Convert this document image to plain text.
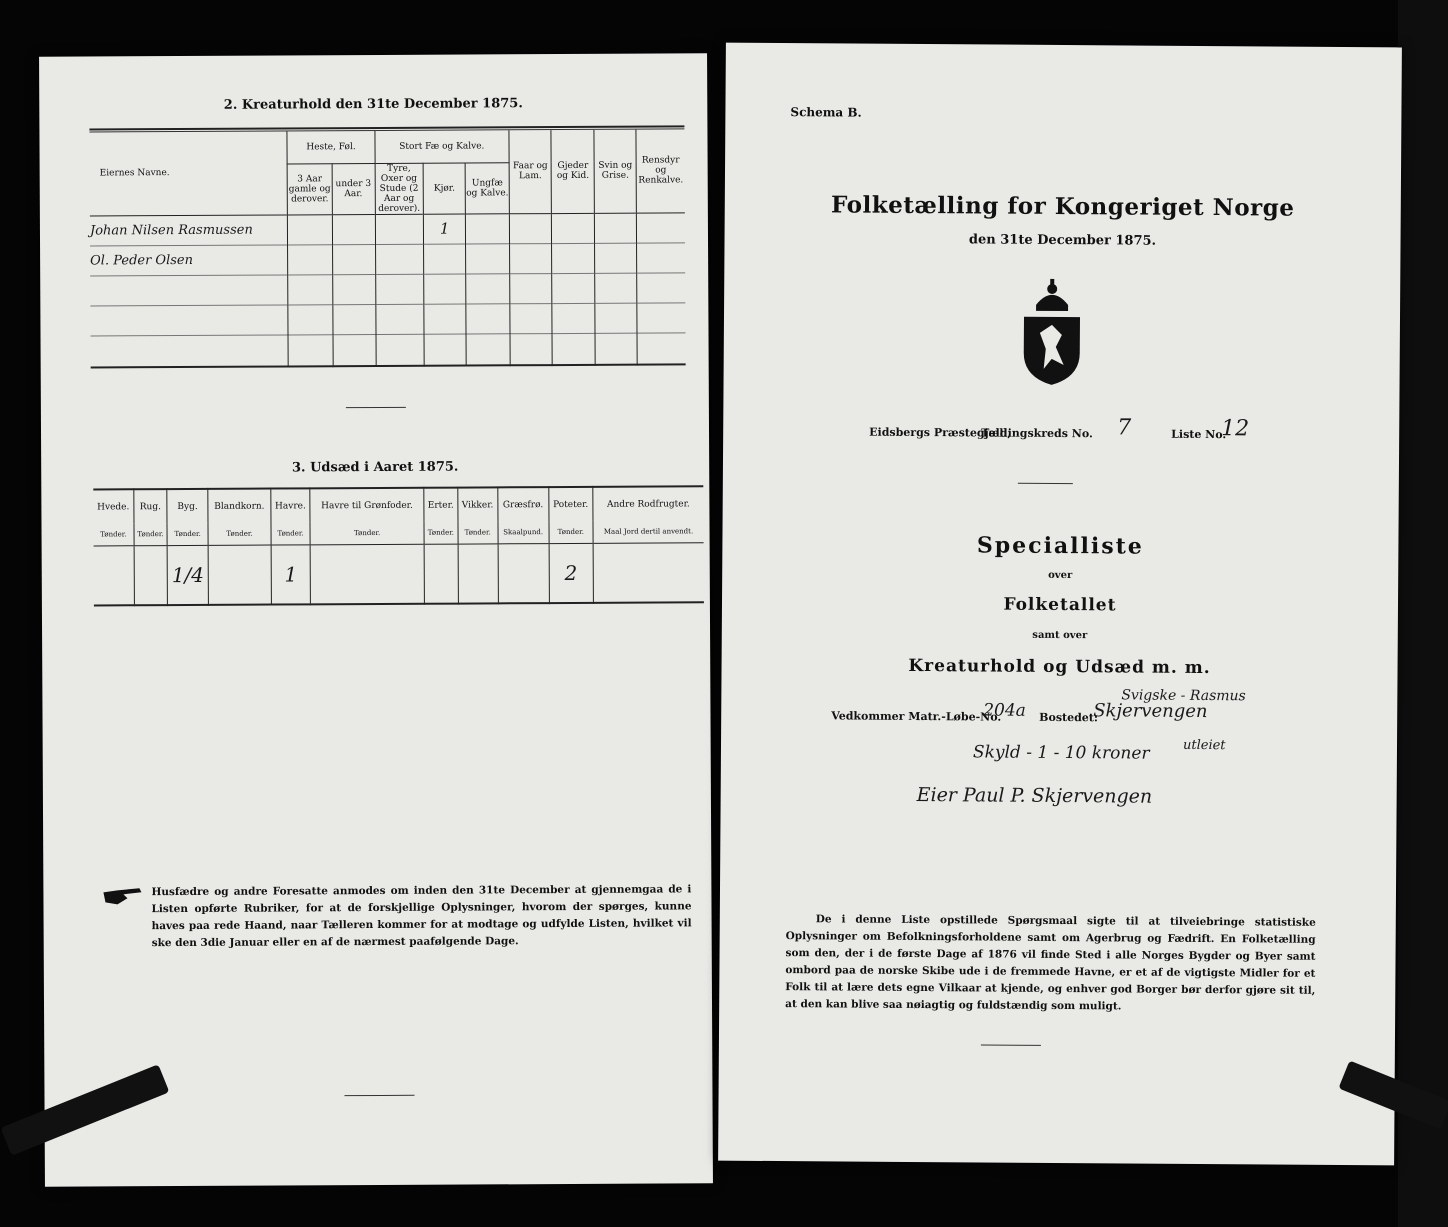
2. Kreaturhold den 31te December 1875.
Eiernes Navne.	Heste, Føl.		Stort Fæ og Kalve.			Faar og Lam.	Gjeder og Kid.	Svin og Grise.	Rensdyr og Renkalve.
	3 Aar gamle og derover.	under 3 Aar.	Tyre, Oxer og Stude (2 Aar og derover).	Kjør.	Ungfæ og Kalve.				
Johan Nilsen Rasmussen				1					
Ol. Peder Olsen									

3. Udsæd i Aaret 1875.
Hvede.	Rug.	Byg.	Blandkorn.	Havre.	Havre til Grønfoder.	Erter.	Vikker.	Græsfrø.	Poteter.	Andre Rodfrugter.
Tønder.	Tønder.	Tønder.	Tønder.	Tønder.	Tønder.	Tønder.	Tønder.	Skaalpund.	Tønder.	Maal Jord dertil anvendt.
		1/4		1					2	
Husfædre og andre Foresatte anmodes om inden den 31te December at gjennemgaa de i Listen opførte Rubriker, for at de forskjellige Oplysninger, hvorom der spørges, kunne haves paa rede Haand, naar Tælleren kommer for at modtage og udfylde Listen, hvilket vil ske den 3die Januar eller en af de nærmest paafølgende Dage.
Schema B.
Folketælling for Kongeriget Norge
den 31te December 1875.
Eidsbergs Præstegjeld,
Tællingskreds No. 7	Liste No.
12
Specialliste
over
Folketallet
samt over
Kreaturhold og Udsæd m. m.
Svigske - Rasmus
Vedkommer Matr.-Løbe-No.
204a Bostedet:
Skjervengen
Skyld - 1 - 10 kroner	utleiet
Eier Paul P. Skjervengen
De i denne Liste opstillede Spørgsmaal sigte til at tilveiebringe statistiske Oplysninger om Befolkningsforholdene samt om Agerbrug og Fædrift. En Folketælling som den, der i de første Dage af 1876 vil finde Sted i alle Norges Bygder og Byer samt ombord paa de norske Skibe ude i de fremmede Havne, er et af de vigtigste Midler for et Folk til at lære dets egne Vilkaar at kjende, og enhver god Borger bør derfor gjøre sit til, at den kan blive saa nøiagtig og fuldstændig som muligt.
